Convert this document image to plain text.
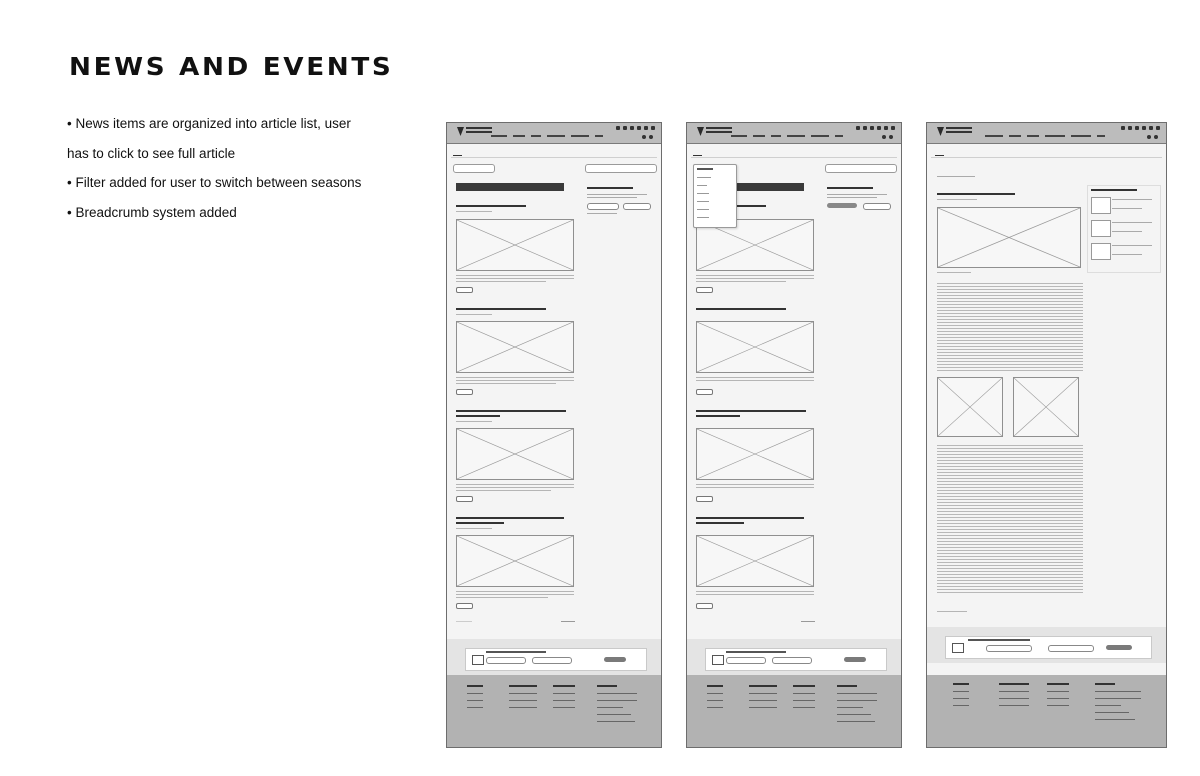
NEWS AND EVENTS
• News items are organized into article list, user
has to click to see full article
• Filter added for user to switch between seasons
• Breadcrumb system added
